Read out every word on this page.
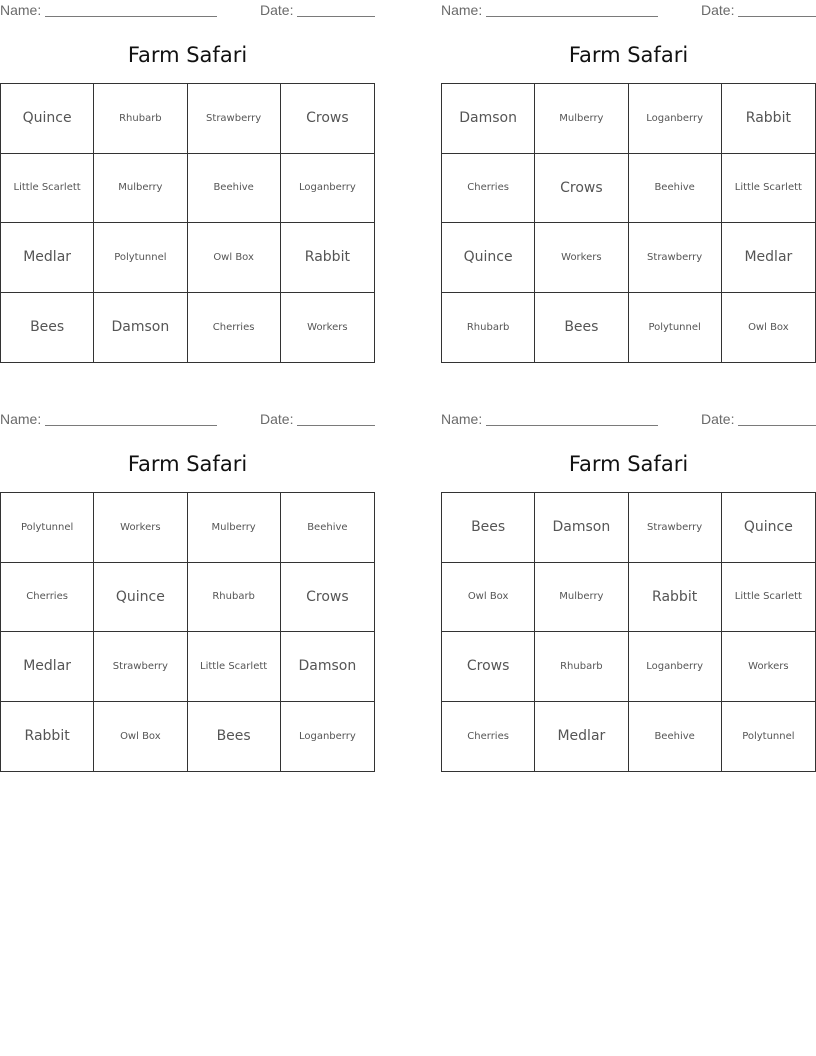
Name:	Date:
Farm Safari
Quince	Rhubarb	Strawberry	Crows
Little Scarlett	Mulberry	Beehive	Loganberry
Medlar	Polytunnel	Owl Box	Rabbit
Bees	Damson	Cherries	Workers
Name:	Date:
Farm Safari
Damson	Mulberry	Loganberry	Rabbit
Cherries	Crows	Beehive	Little Scarlett
Quince	Workers	Strawberry	Medlar
Rhubarb	Bees	Polytunnel	Owl Box
Name:	Date:
Farm Safari
Polytunnel	Workers	Mulberry	Beehive
Cherries	Quince	Rhubarb	Crows
Medlar	Strawberry	Little Scarlett	Damson
Rabbit	Owl Box	Bees	Loganberry
Name:	Date:
Farm Safari
Bees	Damson	Strawberry	Quince
Owl Box	Mulberry	Rabbit	Little Scarlett
Crows	Rhubarb	Loganberry	Workers
Cherries	Medlar	Beehive	Polytunnel
